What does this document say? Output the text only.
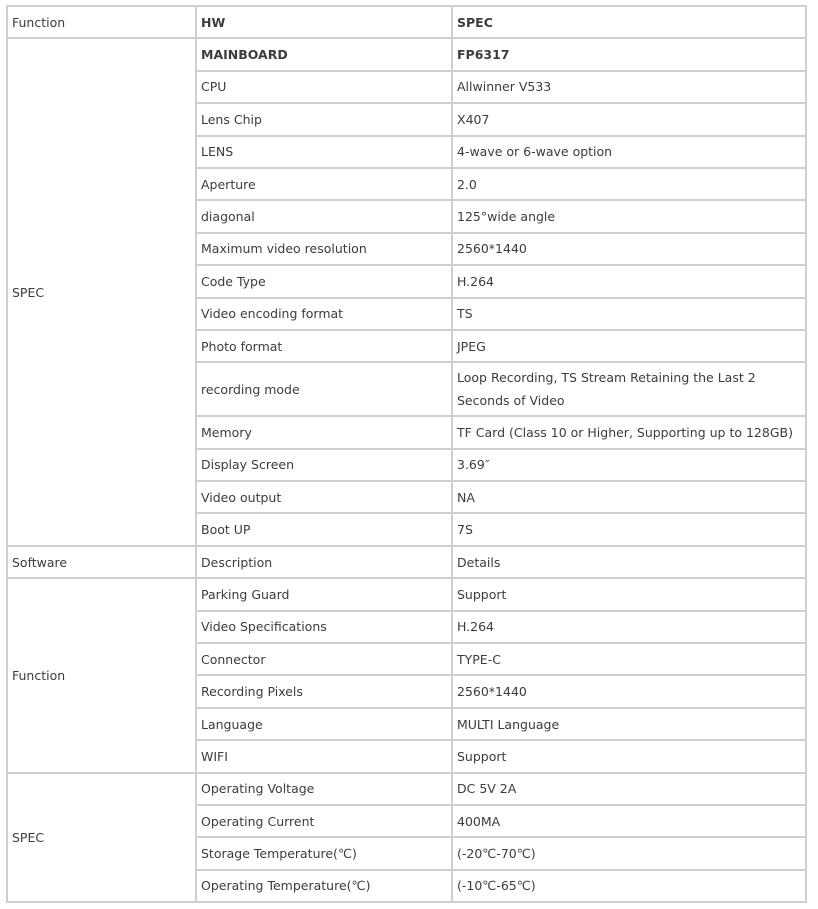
Function	HW	SPEC
SPEC	MAINBOARD	FP6317
	CPU	Allwinner V533
	Lens Chip	X407
	LENS	4-wave or 6-wave option
	Aperture	2.0
	diagonal	125°wide angle
	Maximum video resolution	2560*1440
	Code Type	H.264
	Video encoding format	TS
	Photo format	JPEG
	recording mode	Loop Recording, TS Stream Retaining the Last 2 Seconds of Video
	Memory	TF Card (Class 10 or Higher, Supporting up to 128GB)
	Display Screen	3.69″
	Video output	NA
	Boot UP	7S
Software	Description	Details
Function	Parking Guard	Support
	Video Specifications	H.264
	Connector	TYPE-C
	Recording Pixels	2560*1440
	Language	MULTI Language
	WIFI	Support
SPEC	Operating Voltage	DC 5V 2A
	Operating Current	400MA
	Storage Temperature(℃)	(-20℃-70℃)
	Operating Temperature(℃)	(-10℃-65℃)
